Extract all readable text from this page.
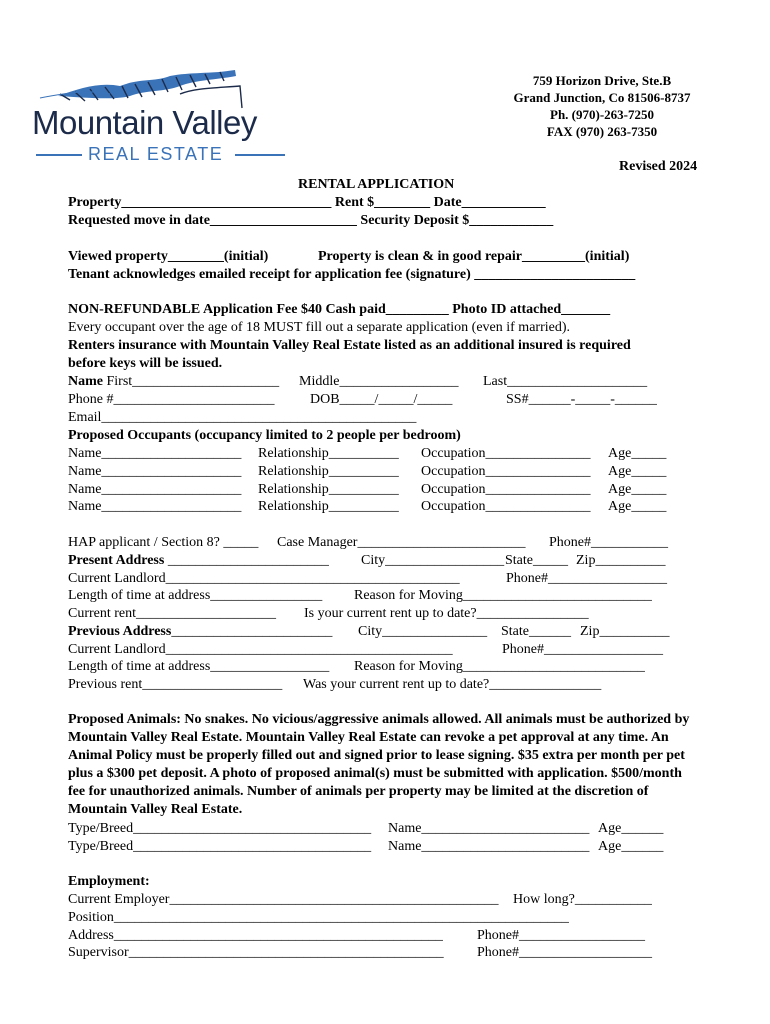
Mountain Valley
REAL ESTATE
759 Horizon Drive, Ste.B
Grand Junction, Co 81506-8737
Ph. (970)-263-7250
FAX (970) 263-7350
Revised 2024
RENTAL APPLICATION
Property______________________________ Rent $________ Date____________
Requested move in date_____________________ Security Deposit $____________
Viewed property________(initial)	Property is clean & in good repair_________(initial)
Tenant acknowledges emailed receipt for application fee (signature) _______________________
NON-REFUNDABLE Application Fee $40 Cash paid_________ Photo ID attached_______
Every occupant over the age of 18 MUST fill out a separate application (even if married).
Renters insurance with Mountain Valley Real Estate listed as an additional insured is required
before keys will be issued.
Name First_____________________ Middle_________________ Last____________________
Phone #_______________________	DOB_____/_____/_____	SS#______-_____-______
Email_____________________________________________
Proposed Occupants (occupancy limited to 2 people per bedroom)
Name____________________ Relationship__________ Occupation_______________ Age_____
Name____________________ Relationship__________ Occupation_______________ Age_____
Name____________________ Relationship__________ Occupation_______________ Age_____
Name____________________ Relationship__________ Occupation_______________ Age_____
HAP applicant / Section 8? _____ Case Manager________________________ Phone#___________
Present Address _______________________ City_________________ State_____ Zip__________
Current Landlord__________________________________________	Phone#_________________
Length of time at address________________ Reason for Moving___________________________
Current rent____________________ Is your current rent up to date?________________
Previous Address_______________________ City_______________ State______ Zip__________
Current Landlord_________________________________________	Phone#_________________
Length of time at address_________________ Reason for Moving__________________________
Previous rent____________________ Was your current rent up to date?________________
Proposed Animals: No snakes. No vicious/aggressive animals allowed. All animals must be authorized by Mountain Valley Real Estate. Mountain Valley Real Estate can revoke a pet approval at any time. An Animal Policy must be properly filled out and signed prior to lease signing. $35 extra per month per pet plus a $300 pet deposit. A photo of proposed animal(s) must be submitted with application. $500/month fee for unauthorized animals. Number of animals per property may be limited at the discretion of Mountain Valley Real Estate.
Type/Breed__________________________________ Name________________________ Age______
Type/Breed__________________________________ Name________________________ Age______
Employment:
Current Employer_______________________________________________ How long?___________
Position_________________________________________________________________
Address_______________________________________________ Phone#__________________
Supervisor_____________________________________________ Phone#___________________
